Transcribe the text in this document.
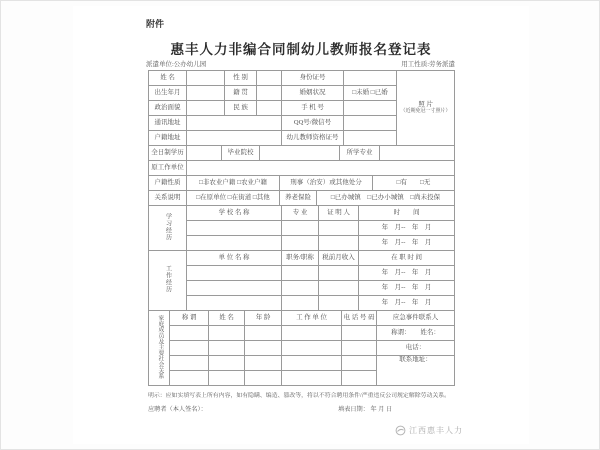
附件
惠丰人力非编合同制幼儿教师报名登记表
派遣单位:公办幼儿园	用工性质:劳务派遣
姓 名		性 别		身份证号		照 片
（近期免冠一寸照片）

出生年月		籍 贯		婚姻状况	□未婚 □已婚	
政治面貌		民 族		手 机 号		
通讯地址				QQ号/微信号		
户籍地址				幼儿教师资格证号		
全日制学历		毕业院校		所学专业	
原工作单位	
户籍性质	□非农业户籍 □农业户籍	刑事（治安）或其他处分	□有　　□无
关系说明	□在原单位 □在街道 □其他	养老保险	□已办城镇　□已办小城镇　□尚未投保
学习经历	学 校 名 称	专 业	证 明 人	时　　间
				年　月--　年　月
				年　月--　年　月
工作经历	单 位 名 称	职务/职称	税前月收入	在 职 时 间
				年　月--　年　月
				年　月--　年　月
				年　月--　年　月
家庭成员及主要社会关系	称 谓	姓 名	年 龄	工 作 单 位	电 话 号 码	应急事件联系人
						称谓：　　姓名：
						电话：
						联系地址：

明示：应如实填写表上所有内容，如有隐瞒、编造、篡改等，将以不符合聘用条件/严重违反公司规定解除劳动关系。
应聘者（本人签名）：	填表日期： 年 月 日
江西惠丰人力
